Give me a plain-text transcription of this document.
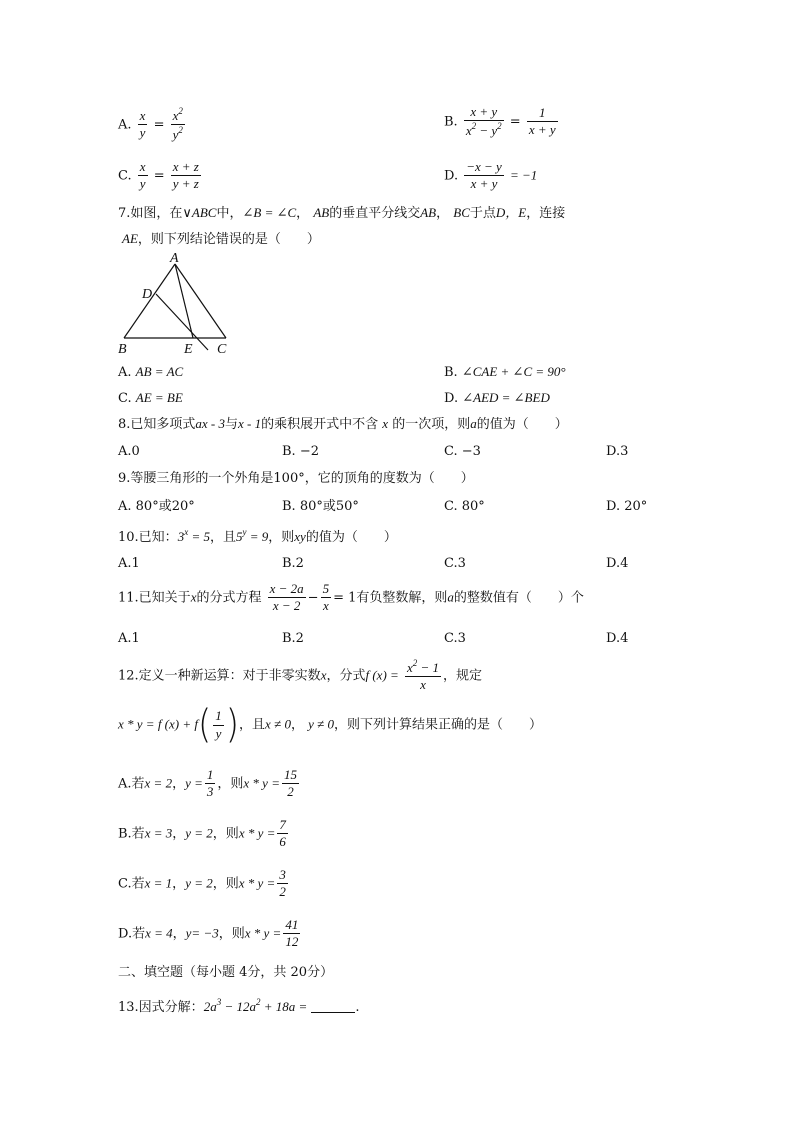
A. $\frac{x}{y} = \frac{x^2}{y^2}$	B. $\frac{x + y}{x^2 - y^2} = \frac{1}{x + y}$
C. $\frac{x}{y} = \frac{x + z}{y + z}$	D. $\frac{-x - y}{x + y} = -1$
7.如图，在∨ABC中，∠B = ∠C， AB的垂直平分线交AB， BC于点D，E，连接
AE，则下列结论错误的是（　　）
A
D
B	E C
A. AB = AC	B. ∠CAE + ∠C = 90°
C. AE = BE	D. ∠AED = ∠BED
8.已知多项式ax - 3与x - 1的乘积展开式中不含 x 的一次项，则a的值为（　　）
A.0	B. −2	C. −3	D.3
9.等腰三角形的一个外角是100°，它的顶角的度数为（　　）
A. 80°或20°	B. 80°或50°	C. 80°	D. 20°
10.已知：$3^x = 5$，且$5^y = 9$，则xy的值为（　　）
A.1	B.2	C.3	D.4
11.已知关于x的分式方程 $\frac{x - 2a}{x - 2} - \frac{5}{x} = 1$有负整数解，则a的整数值有（　　）个
A.1	B.2	C.3	D.4
12.定义一种新运算：对于非零实数x，分式f $(x) = \frac{x^2 - 1}{x}$ ，规定
x * y = f $(x) + f( \frac{1}{y}$ )，且x ≠ 0， y ≠ 0，则下列计算结果正确的是（　　）
A.若x = 2，$y = \frac{1}{3}$ ，则$x * y = \frac{15}{2}$
B.若x = 3，y = 2，则$x * y = \frac{7}{6}$
C.若x = 1，y = 2，则$x * y = \frac{3}{2}$
D.若x = 4，y= −3，则$x * y = \frac{41}{12}$
二、填空题（每小题 4分，共 20分）
13.因式分解：$2a^3 - 12a^2 + 18a$ =	.
